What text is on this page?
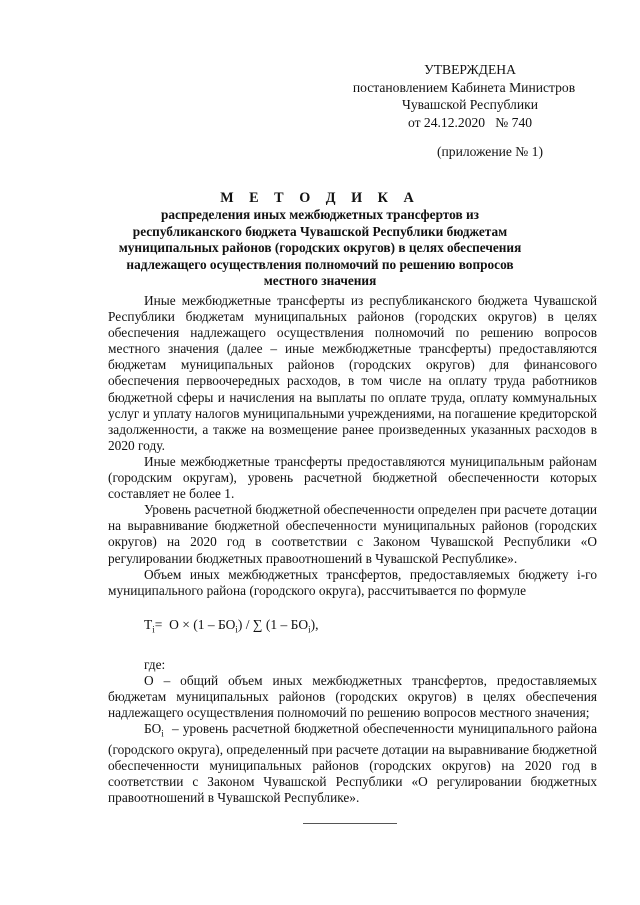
УТВЕРЖДЕНА
постановлением Кабинета Министров
Чувашской Республики
от 24.12.2020   № 740
(приложение № 1)
М Е Т О Д И К А
распределения иных межбюджетных трансфертов из республиканского бюджета Чувашской Республики бюджетам муниципальных районов (городских округов) в целях обеспечения надлежащего осуществления полномочий по решению вопросов местного значения

Иные межбюджетные трансферты из республиканского бюджета Чувашской Республики бюджетам муниципальных районов (городских округов) в целях обеспечения надлежащего осуществления полномочий по решению вопросов местного значения (далее – иные межбюджетные трансферты) предоставляются бюджетам муниципальных районов (городских округов) для финансового обеспечения первоочередных расходов, в том числе на оплату труда работников бюджетной сферы и начисления на выплаты по оплате труда, оплату коммунальных услуг и уплату налогов муниципальными учреждениями, на погашение кредиторской задолженности, а также на возмещение ранее произведенных указанных расходов в 2020 году.

Иные межбюджетные трансферты предоставляются муниципальным районам (городским округам), уровень расчетной бюджетной обеспеченности которых составляет не более 1.

Уровень расчетной бюджетной обеспеченности определен при расчете дотации на выравнивание бюджетной обеспеченности муниципальных районов (городских округов) на 2020 год в соответствии с Законом Чувашской Республики «О регулировании бюджетных правоотношений в Чувашской Республике».

Объем иных межбюджетных трансфертов, предоставляемых бюджету i-го муниципального района (городского округа), рассчитывается по формуле

$T_i= О \times (1 - БО_i)$ / ∑ $(1 - БО_i)$,

где:

О – общий объем иных межбюджетных трансфертов, предоставляемых бюджетам муниципальных районов (городских округов) в целях обеспечения надлежащего осуществления полномочий по решению вопросов местного значения;

$БО_i$  – уровень расчетной бюджетной обеспеченности муниципального района (городского округа), определенный при расчете дотации на выравнивание бюджетной обеспеченности муниципальных районов (городских округов) на 2020 год в соответствии с Законом Чувашской Республики «О регулировании бюджетных правоотношений в Чувашской Республике».
